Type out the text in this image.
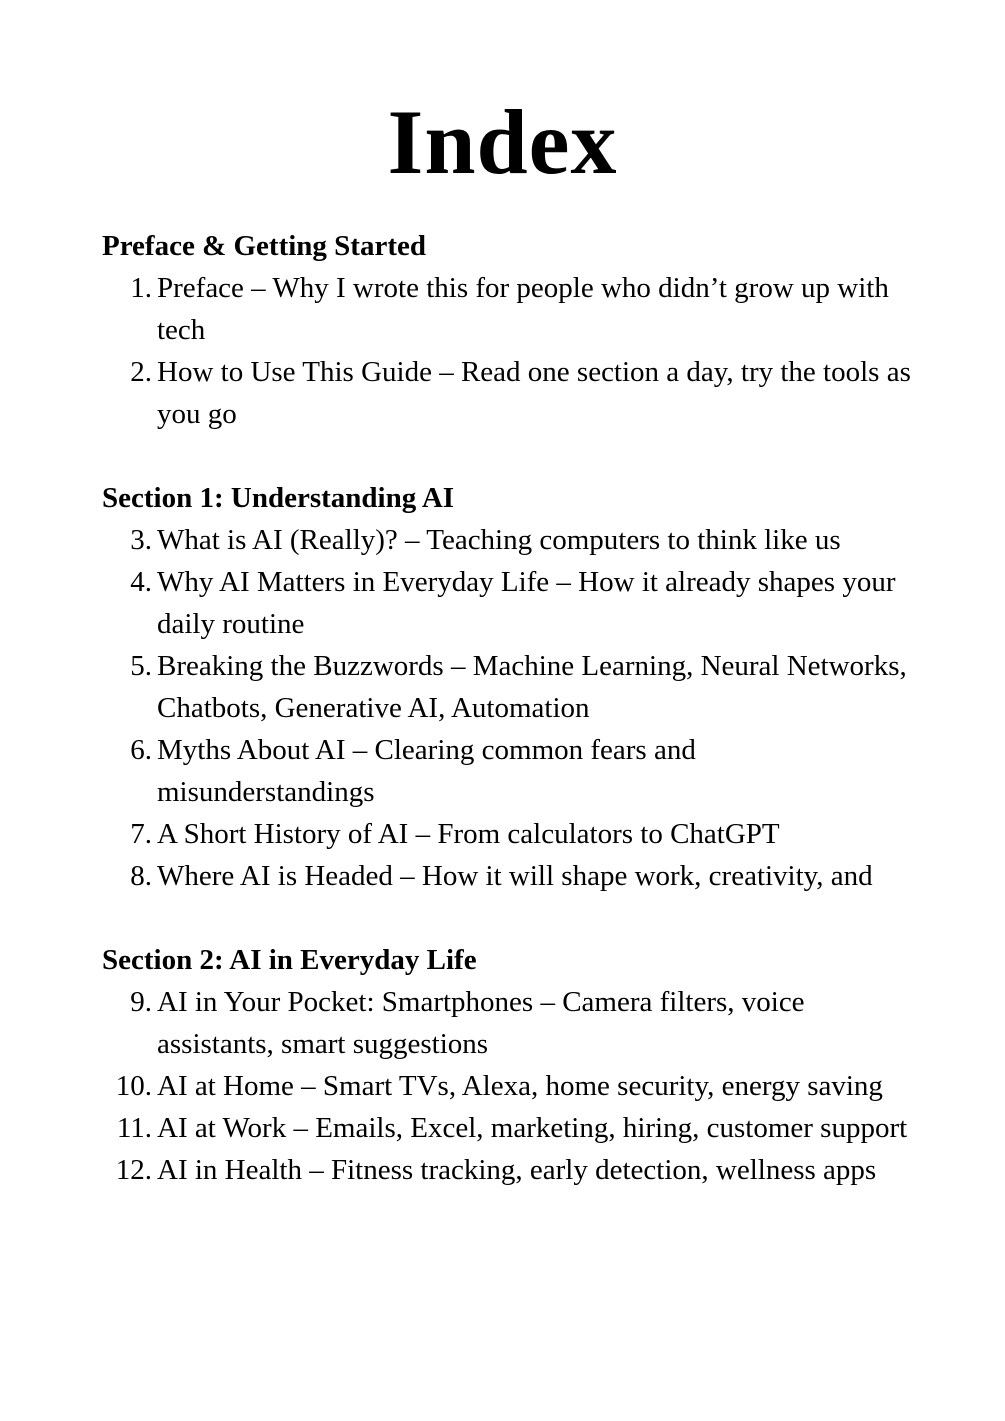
Index
Preface & Getting Started
1. Preface – Why I wrote this for people who didn’t grow up with tech
2. How to Use This Guide – Read one section a day, try the tools as you go
Section 1: Understanding AI
3. What is AI (Really)? – Teaching computers to think like us
4. Why AI Matters in Everyday Life – How it already shapes your daily routine
5. Breaking the Buzzwords – Machine Learning, Neural Networks, Chatbots, Generative AI, Automation
6. Myths About AI – Clearing common fears and misunderstandings
7. A Short History of AI – From calculators to ChatGPT
8. Where AI is Headed – How it will shape work, creativity, and
Section 2: AI in Everyday Life
9. AI in Your Pocket: Smartphones – Camera filters, voice assistants, smart suggestions
10. AI at Home – Smart TVs, Alexa, home security, energy saving
11. AI at Work – Emails, Excel, marketing, hiring, customer support
12. AI in Health – Fitness tracking, early detection, wellness apps
